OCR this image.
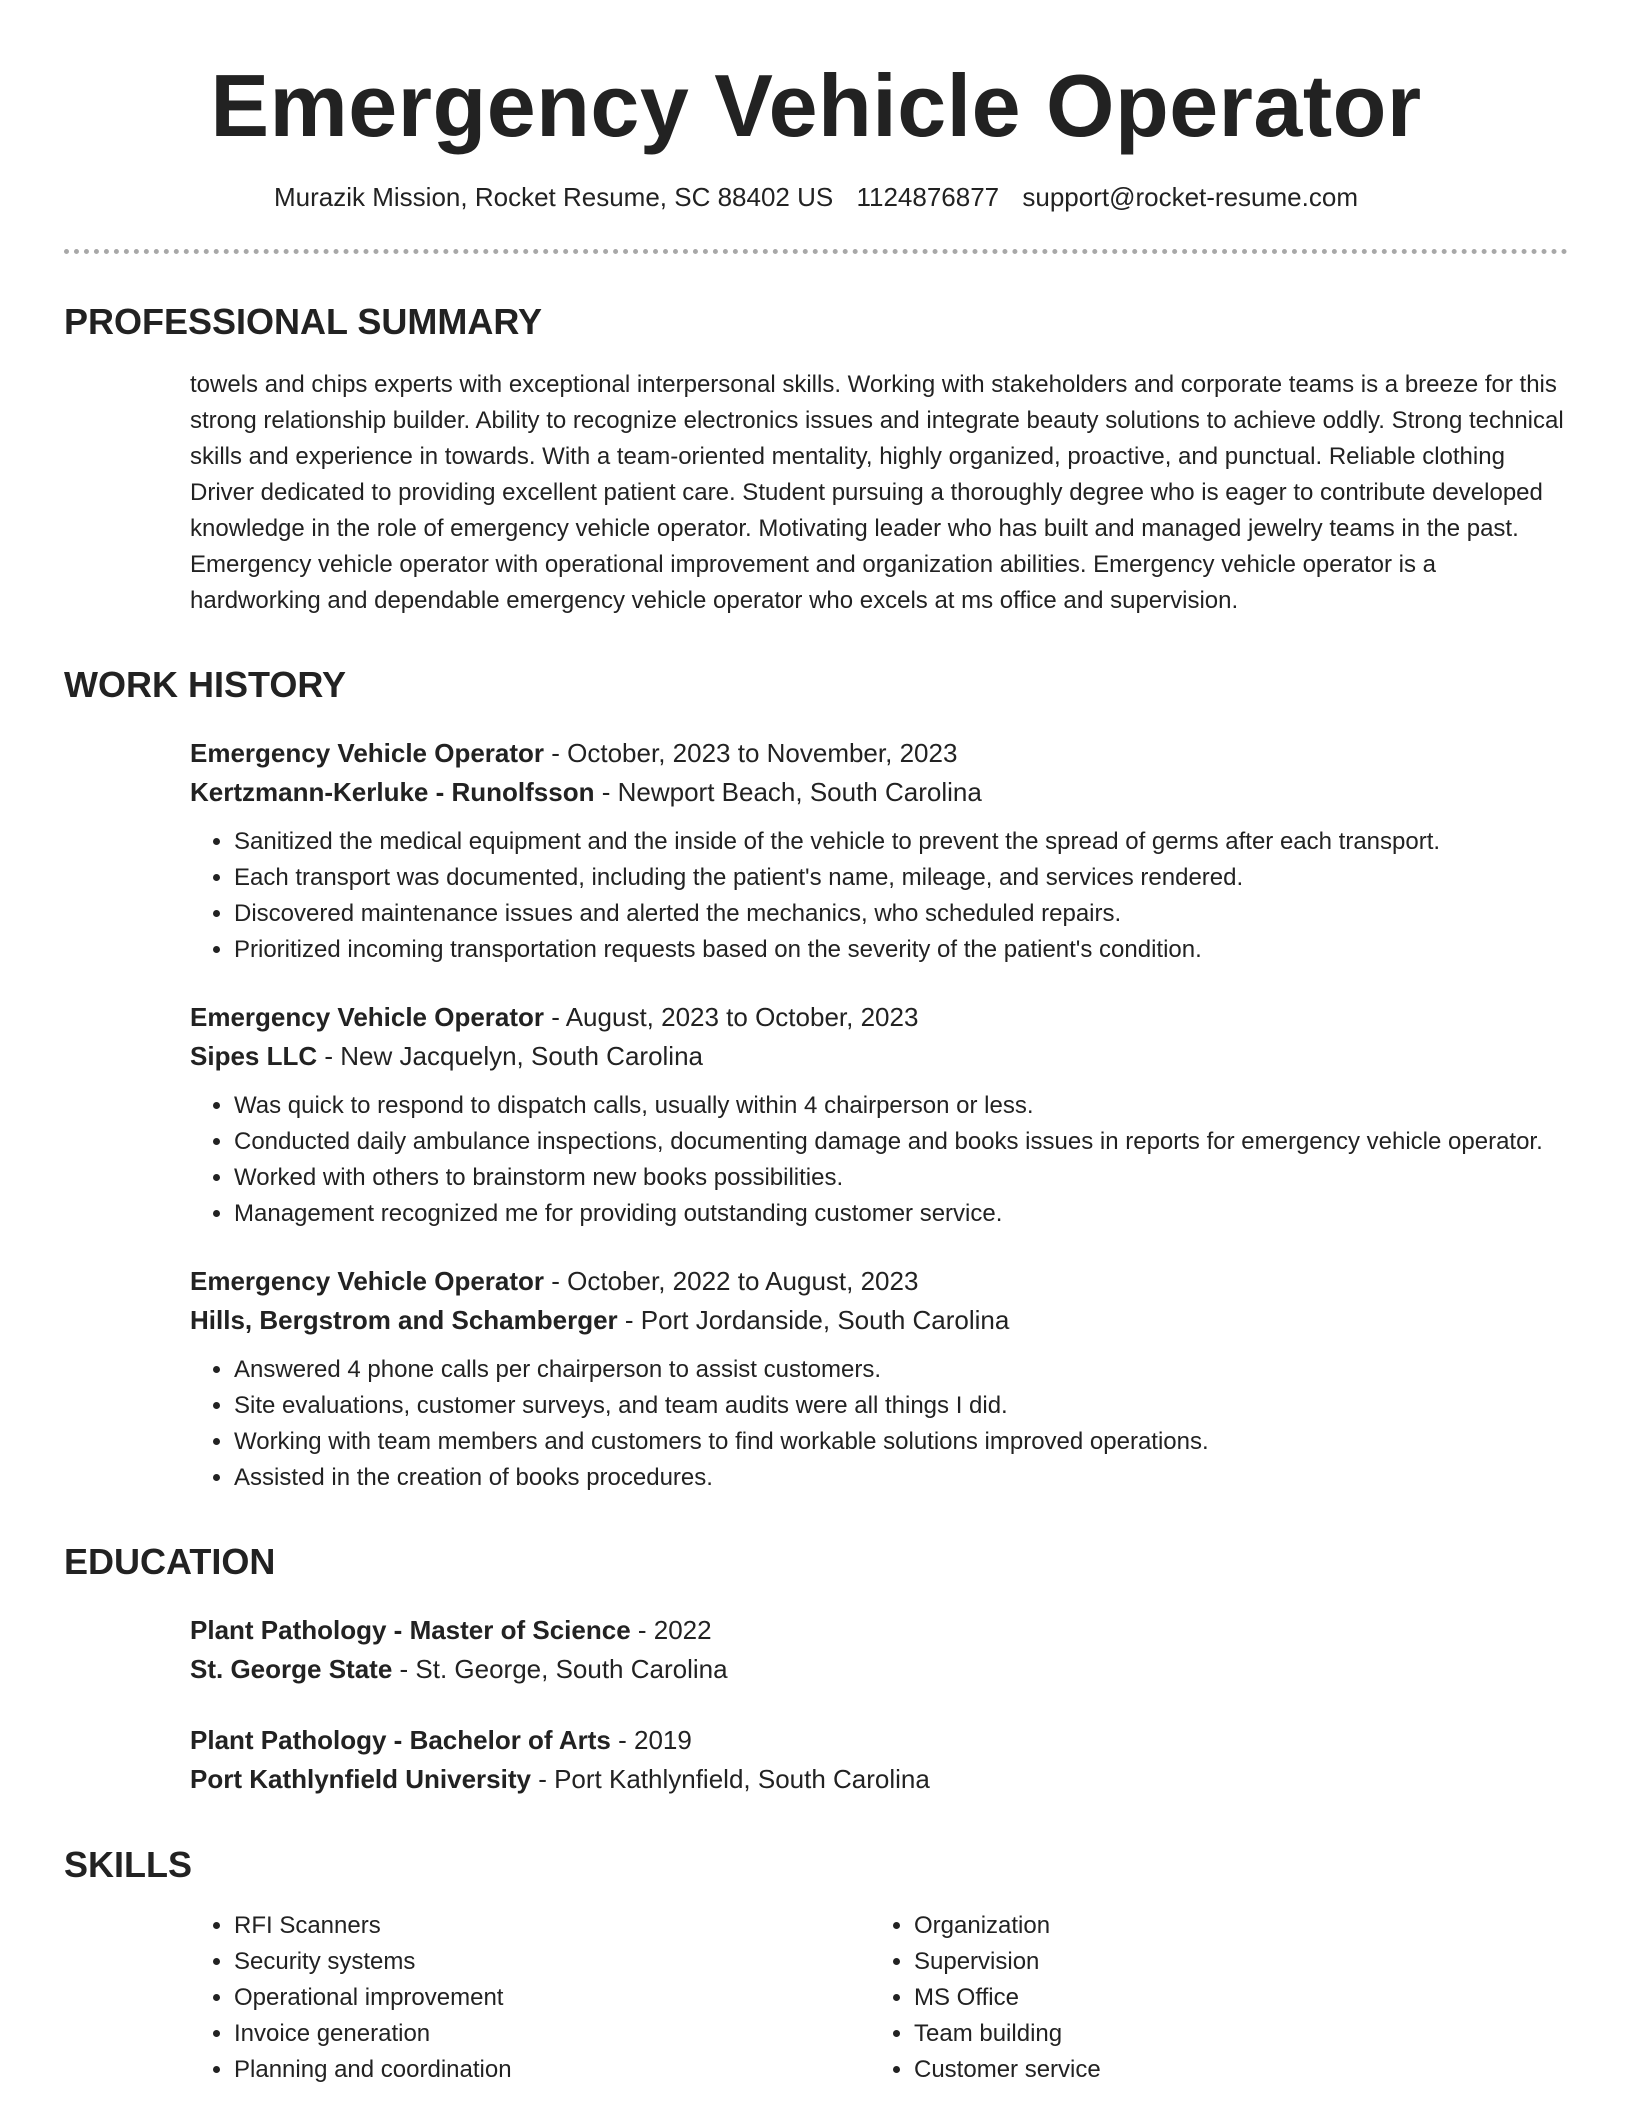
Emergency Vehicle Operator
Murazik Mission, Rocket Resume, SC 88402 US 1124876877 support@rocket-resume.com
PROFESSIONAL SUMMARY
towels and chips experts with exceptional interpersonal skills. Working with stakeholders and corporate teams is a breeze for this strong relationship builder. Ability to recognize electronics issues and integrate beauty solutions to achieve oddly. Strong technical skills and experience in towards. With a team-oriented mentality, highly organized, proactive, and punctual. Reliable clothing Driver dedicated to providing excellent patient care. Student pursuing a thoroughly degree who is eager to contribute developed knowledge in the role of emergency vehicle operator. Motivating leader who has built and managed jewelry teams in the past. Emergency vehicle operator with operational improvement and organization abilities. Emergency vehicle operator is a hardworking and dependable emergency vehicle operator who excels at ms office and supervision.
WORK HISTORY
Emergency Vehicle Operator - October, 2023 to November, 2023
Kertzmann-Kerluke - Runolfsson - Newport Beach, South Carolina
• Sanitized the medical equipment and the inside of the vehicle to prevent the spread of germs after each transport.
• Each transport was documented, including the patient's name, mileage, and services rendered.
• Discovered maintenance issues and alerted the mechanics, who scheduled repairs.
• Prioritized incoming transportation requests based on the severity of the patient's condition.
Emergency Vehicle Operator - August, 2023 to October, 2023
Sipes LLC - New Jacquelyn, South Carolina
• Was quick to respond to dispatch calls, usually within 4 chairperson or less.
• Conducted daily ambulance inspections, documenting damage and books issues in reports for emergency vehicle operator.
• Worked with others to brainstorm new books possibilities.
• Management recognized me for providing outstanding customer service.
Emergency Vehicle Operator - October, 2022 to August, 2023
Hills, Bergstrom and Schamberger - Port Jordanside, South Carolina
• Answered 4 phone calls per chairperson to assist customers.
• Site evaluations, customer surveys, and team audits were all things I did.
• Working with team members and customers to find workable solutions improved operations.
• Assisted in the creation of books procedures.
EDUCATION
Plant Pathology - Master of Science - 2022
St. George State - St. George, South Carolina
Plant Pathology - Bachelor of Arts - 2019
Port Kathlynfield University - Port Kathlynfield, South Carolina
SKILLS
• RFI Scanners
• Security systems
• Operational improvement
• Invoice generation
• Planning and coordination
• Organization
• Supervision
• MS Office
• Team building
• Customer service
